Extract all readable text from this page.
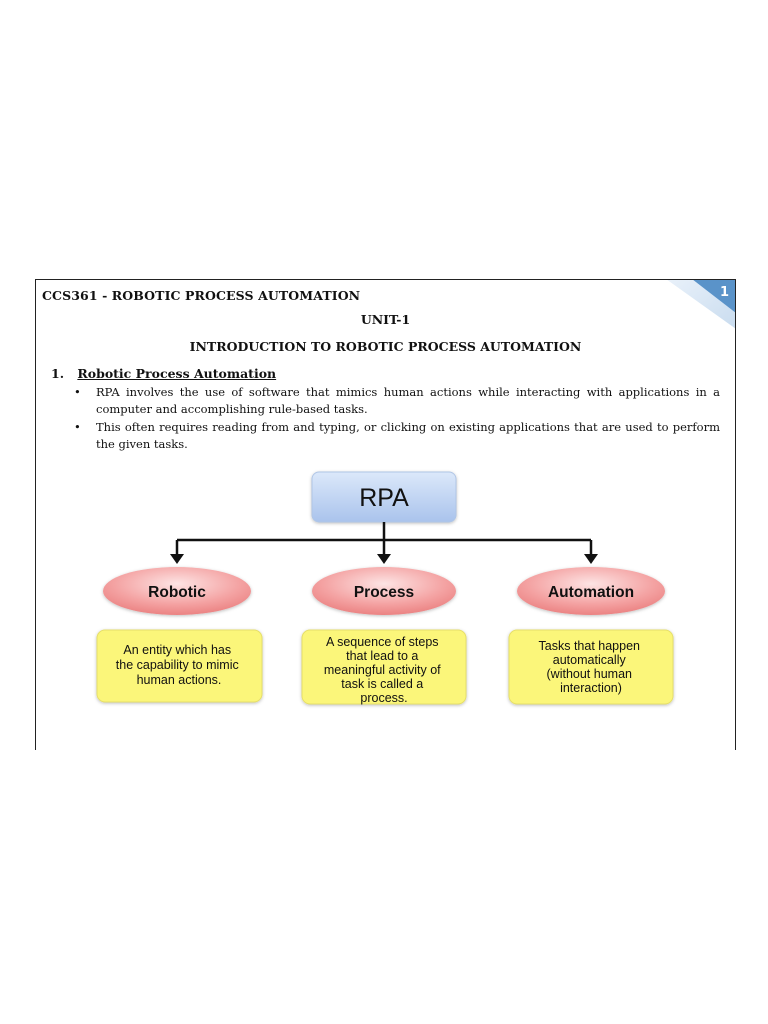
1
CCS361 - ROBOTIC PROCESS AUTOMATION
UNIT-1
INTRODUCTION TO ROBOTIC PROCESS AUTOMATION
1. Robotic Process Automation
• RPA involves the use of software that mimics human actions while interacting with applications in a computer and accomplishing rule-based tasks.
• This often requires reading from and typing, or clicking on existing applications that are used to perform the given tasks.
RPA
Robotic	Process	Automation
An entity which has the capability to mimic human actions.
A sequence of steps that lead to a meaningful activity of task is called a process.
Tasks that happen automatically (without human interaction)
